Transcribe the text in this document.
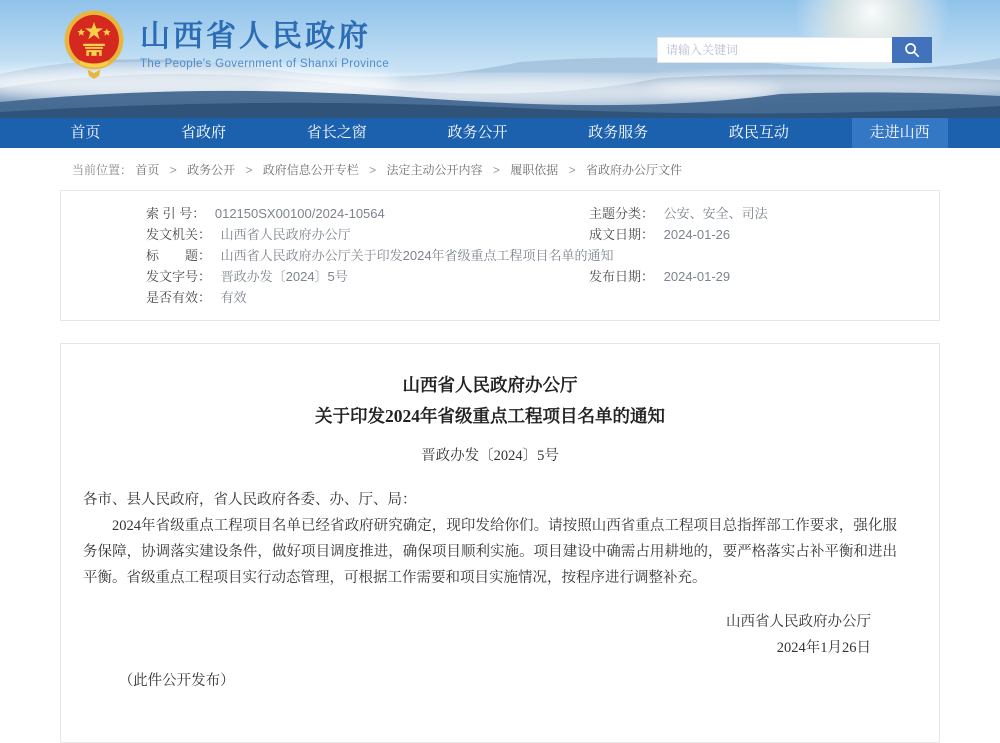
山西省人民政府
The People's Government of Shanxi Province
请输入关键词
首页	省政府	省长之窗	政务公开	政务服务	政民互动	走进山西
当前位置： 首页 > 政务公开 > 政府信息公开专栏 > 法定主动公开内容 > 履职依据 > 省政府办公厅文件
索 引 号： 012150SX00100/2024-10564	主题分类： 公安、安全、司法
发文机关： 山西省人民政府办公厅	成文日期： 2024-01-26
标　　题： 山西省人民政府办公厅关于印发2024年省级重点工程项目名单的通知
发文字号： 晋政办发〔2024〕5号	发布日期： 2024-01-29
是否有效： 有效
山西省人民政府办公厅
关于印发2024年省级重点工程项目名单的通知
晋政办发〔2024〕5号

各市、县人民政府，省人民政府各委、办、厅、局：

2024年省级重点工程项目名单已经省政府研究确定，现印发给你们。请按照山西省重点工程项目总指挥部工作要求，强化服务保障，协调落实建设条件，做好项目调度推进，确保项目顺利实施。项目建设中确需占用耕地的，要严格落实占补平衡和进出平衡。省级重点工程项目实行动态管理，可根据工作需要和项目实施情况，按程序进行调整补充。

山西省人民政府办公厅
2024年1月26日
（此件公开发布）
